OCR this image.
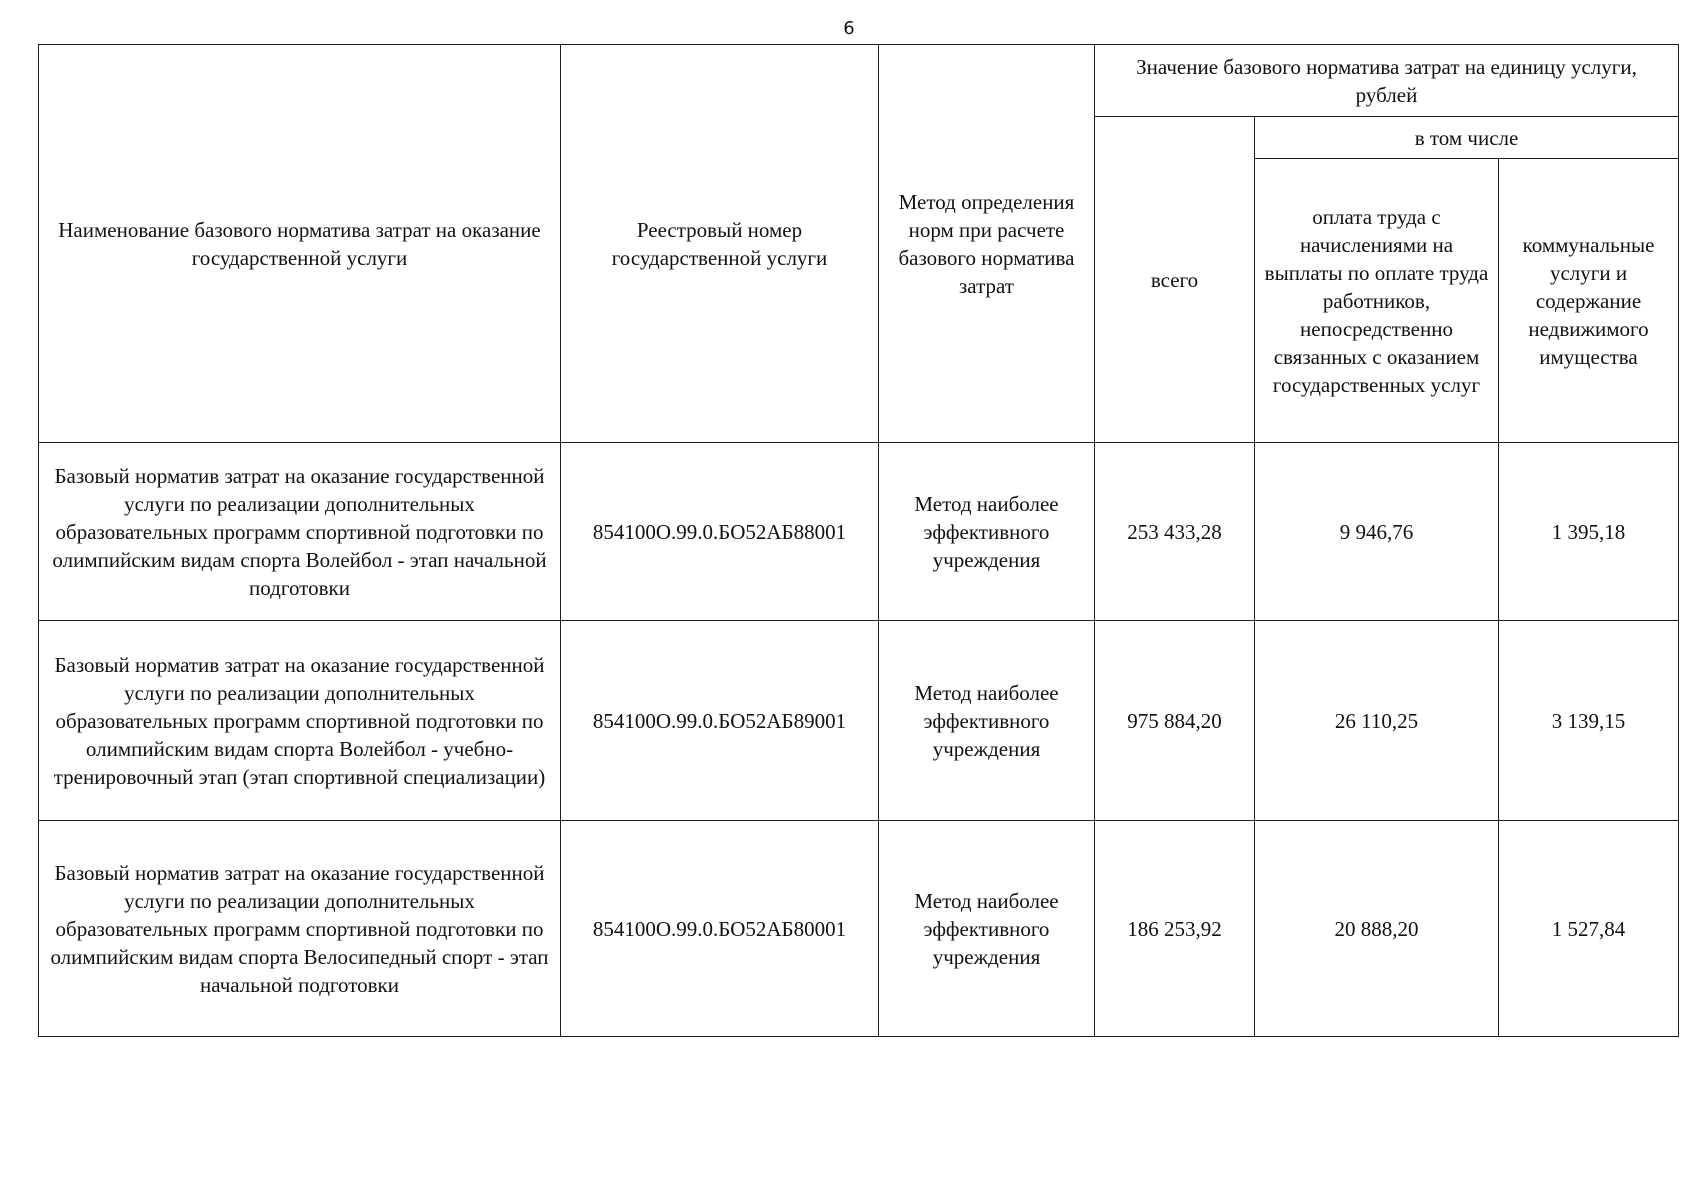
6
Наименование базового норматива затрат на оказание государственной услуги	Реестровый номер государственной услуги	Метод определения норм при расчете базового норматива затрат	Значение базового норматива затрат на единицу услуги, рублей		
			всего	в том числе	
				оплата труда с начислениями на выплаты по оплате труда работников, непосредственно связанных с оказанием государственных услуг	коммунальные услуги и содержание недвижимого имущества
Базовый норматив затрат на оказание государственной услуги по реализации дополнительных образовательных программ спортивной подготовки по олимпийским видам спорта Волейбол - этап начальной подготовки	854100О.99.0.БО52АБ88001	Метод наиболее эффективного учреждения	253 433,28	9 946,76	1 395,18
Базовый норматив затрат на оказание государственной услуги по реализации дополнительных образовательных программ спортивной подготовки по олимпийским видам спорта Волейбол - учебно-тренировочный этап (этап спортивной специализации)	854100О.99.0.БО52АБ89001	Метод наиболее эффективного учреждения	975 884,20	26 110,25	3 139,15
Базовый норматив затрат на оказание государственной услуги по реализации дополнительных образовательных программ спортивной подготовки по олимпийским видам спорта Велосипедный спорт - этап начальной подготовки	854100О.99.0.БО52АБ80001	Метод наиболее эффективного учреждения	186 253,92	20 888,20	1 527,84
